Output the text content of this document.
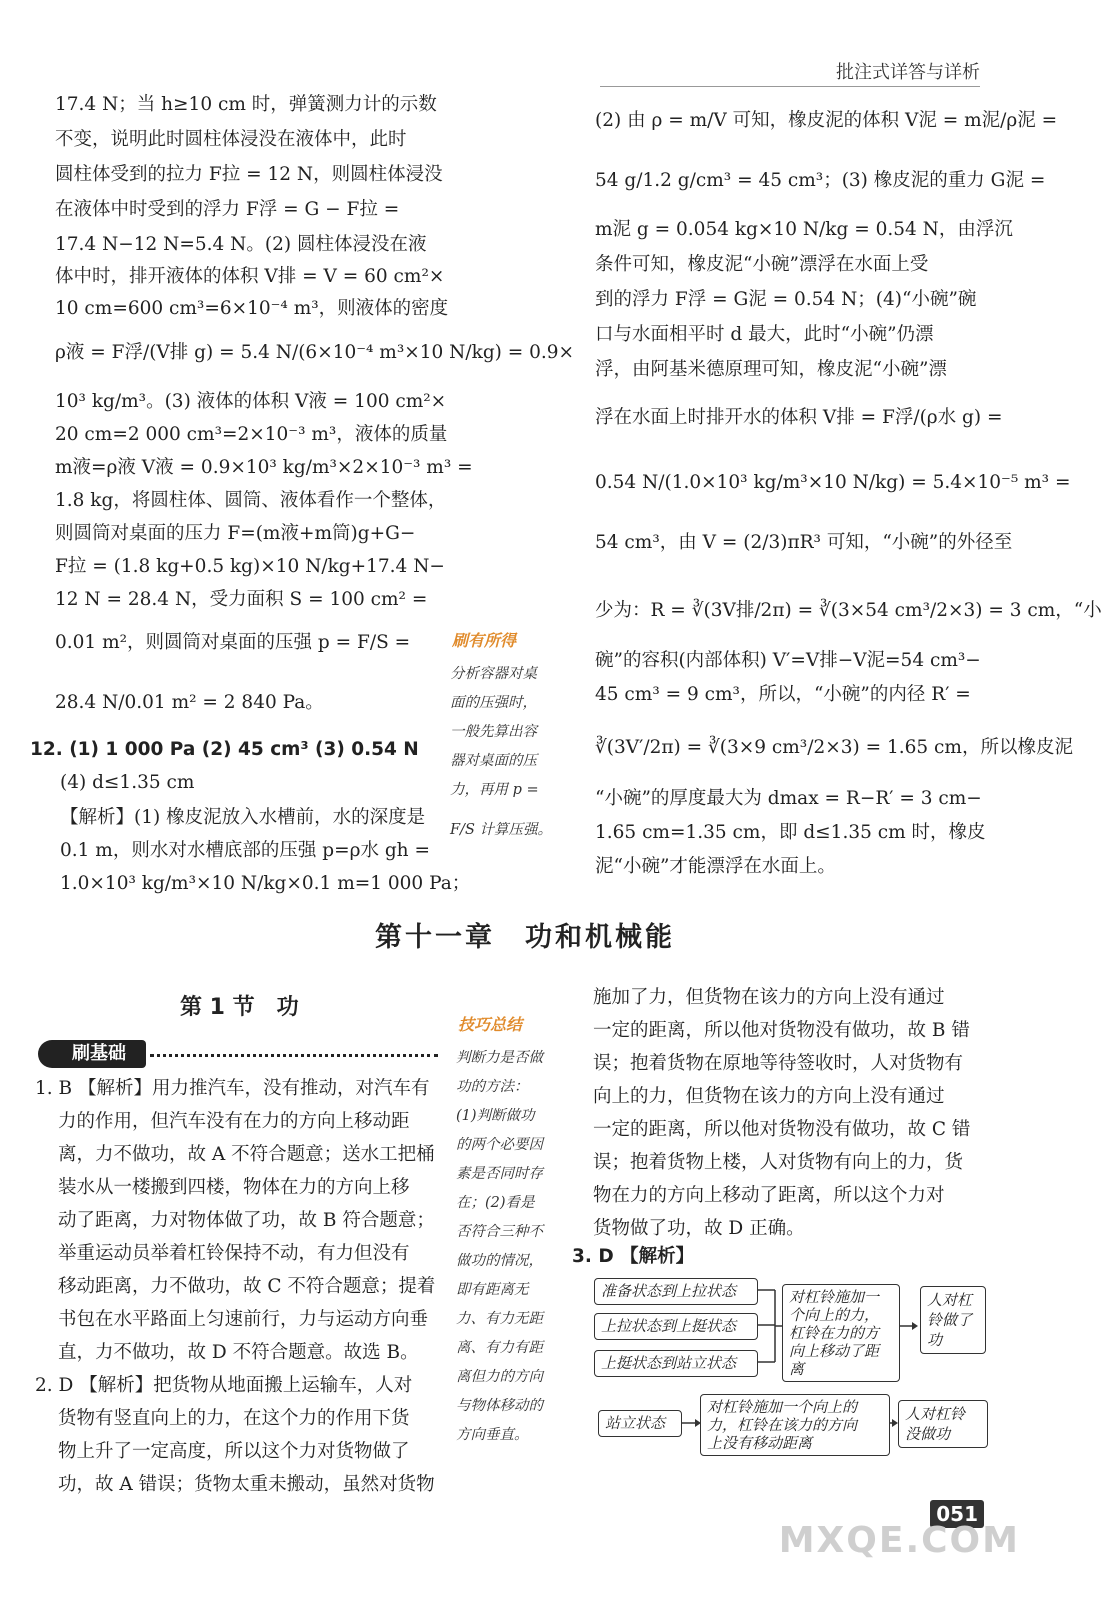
批注式详答与详析
17.4 N；当 h≥10 cm 时，弹簧测力计的示数
不变，说明此时圆柱体浸没在液体中，此时
圆柱体受到的拉力 F拉 = 12 N，则圆柱体浸没
在液体中时受到的浮力 F浮 = G − F拉 =
17.4 N−12 N=5.4 N。(2) 圆柱体浸没在液
体中时，排开液体的体积 V排 = V = 60 cm²×
10 cm=600 cm³=6×10⁻⁴ m³，则液体的密度
ρ液 = F浮/(V排 g) = 5.4 N/(6×10⁻⁴ m³×10 N/kg) = 0.9×
10³ kg/m³。(3) 液体的体积 V液 = 100 cm²×
20 cm=2 000 cm³=2×10⁻³ m³，液体的质量
m液=ρ液 V液 = 0.9×10³ kg/m³×2×10⁻³ m³ =
1.8 kg，将圆柱体、圆筒、液体看作一个整体，
则圆筒对桌面的压力 F=(m液+m筒)g+G−
F拉 = (1.8 kg+0.5 kg)×10 N/kg+17.4 N−
12 N = 28.4 N，受力面积 S = 100 cm² =
0.01 m²，则圆筒对桌面的压强 p = F/S =
28.4 N/0.01 m² = 2 840 Pa。
12. (1) 1 000 Pa (2) 45 cm³ (3) 0.54 N
(4) d≤1.35 cm
【解析】(1) 橡皮泥放入水槽前，水的深度是
0.1 m，则水对水槽底部的压强 p=ρ水 gh =
1.0×10³ kg/m³×10 N/kg×0.1 m=1 000 Pa；
刷有所得
分析容器对桌
面的压强时，
一般先算出容
器对桌面的压
力，再用 p =
F/S 计算压强。
(2) 由 ρ = m/V 可知，橡皮泥的体积 V泥 = m泥/ρ泥 =
54 g/1.2 g/cm³ = 45 cm³；(3) 橡皮泥的重力 G泥 =
m泥 g = 0.054 kg×10 N/kg = 0.54 N，由浮沉
条件可知，橡皮泥“小碗”漂浮在水面上受
到的浮力 F浮 = G泥 = 0.54 N；(4)“小碗”碗
口与水面相平时 d 最大，此时“小碗”仍漂
浮，由阿基米德原理可知，橡皮泥“小碗”漂
浮在水面上时排开水的体积 V排 = F浮/(ρ水 g) =
0.54 N/(1.0×10³ kg/m³×10 N/kg) = 5.4×10⁻⁵ m³ =
54 cm³，由 V = (2/3)πR³ 可知，“小碗”的外径至
少为：R = ∛(3V排/2π) = ∛(3×54 cm³/2×3) = 3 cm，“小
碗”的容积(内部体积) V′=V排−V泥=54 cm³−
45 cm³ = 9 cm³，所以，“小碗”的内径 R′ =
∛(3V′/2π) = ∛(3×9 cm³/2×3) = 1.65 cm，所以橡皮泥
“小碗”的厚度最大为 dmax = R−R′ = 3 cm−
1.65 cm=1.35 cm，即 d≤1.35 cm 时，橡皮
泥“小碗”才能漂浮在水面上。
第十一章　功和机械能
第 1 节　功
刷基础
1. B 【解析】用力推汽车，没有推动，对汽车有
力的作用，但汽车没有在力的方向上移动距
离，力不做功，故 A 不符合题意；送水工把桶
装水从一楼搬到四楼，物体在力的方向上移
动了距离，力对物体做了功，故 B 符合题意；
举重运动员举着杠铃保持不动，有力但没有
移动距离，力不做功，故 C 不符合题意；提着
书包在水平路面上匀速前行，力与运动方向垂
直，力不做功，故 D 不符合题意。故选 B。
2. D 【解析】把货物从地面搬上运输车，人对
货物有竖直向上的力，在这个力的作用下货
物上升了一定高度，所以这个力对货物做了
功，故 A 错误；货物太重未搬动，虽然对货物
技巧总结
判断力是否做
功的方法：
(1)判断做功
的两个必要因
素是否同时存
在；(2)看是
否符合三种不
做功的情况，
即有距离无
力、有力无距
离、有力有距
离但力的方向
与物体移动的
方向垂直。
施加了力，但货物在该力的方向上没有通过
一定的距离，所以他对货物没有做功，故 B 错
误；抱着货物在原地等待签收时，人对货物有
向上的力，但货物在该力的方向上没有通过
一定的距离，所以他对货物没有做功，故 C 错
误；抱着货物上楼，人对货物有向上的力，货
物在力的方向上移动了距离，所以这个力对
货物做了功，故 D 正确。
3. D 【解析】
准备状态到上拉状态
上拉状态到上挺状态
上挺状态到站立状态
对杠铃施加一
个向上的力，
杠铃在力的方
向上移动了距离
人对杠
铃做了
功
站立状态
对杠铃施加一个向上的
力，杠铃在该力的方向
上没有移动距离
人对杠铃
没做功
051
MXQE.COM
